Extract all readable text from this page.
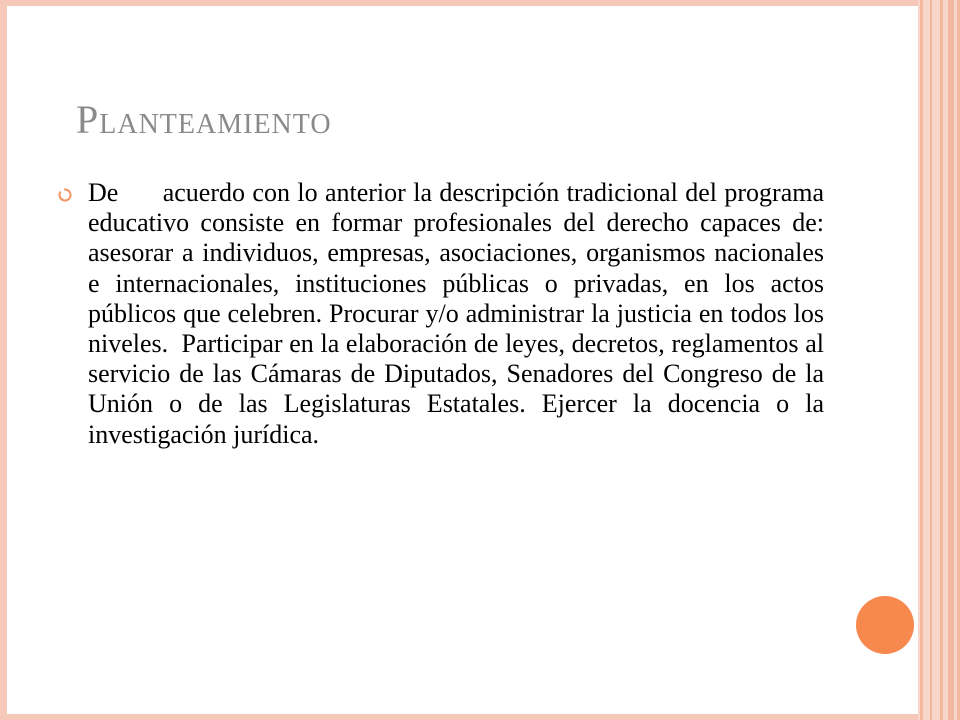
Planteamiento

De      acuerdo con lo anterior la descripción tradicional del programa educativo consiste en formar profesionales del derecho capaces de: asesorar a individuos, empresas, asociaciones, organismos nacionales e internacionales, instituciones públicas o privadas, en los actos públicos que celebren. Procurar y/o administrar la justicia en todos los niveles.  Participar en la elaboración de leyes, decretos, reglamentos al servicio de las Cámaras de Diputados, Senadores del Congreso de la Unión o de las Legislaturas Estatales. Ejercer la docencia o la investigación jurídica.
